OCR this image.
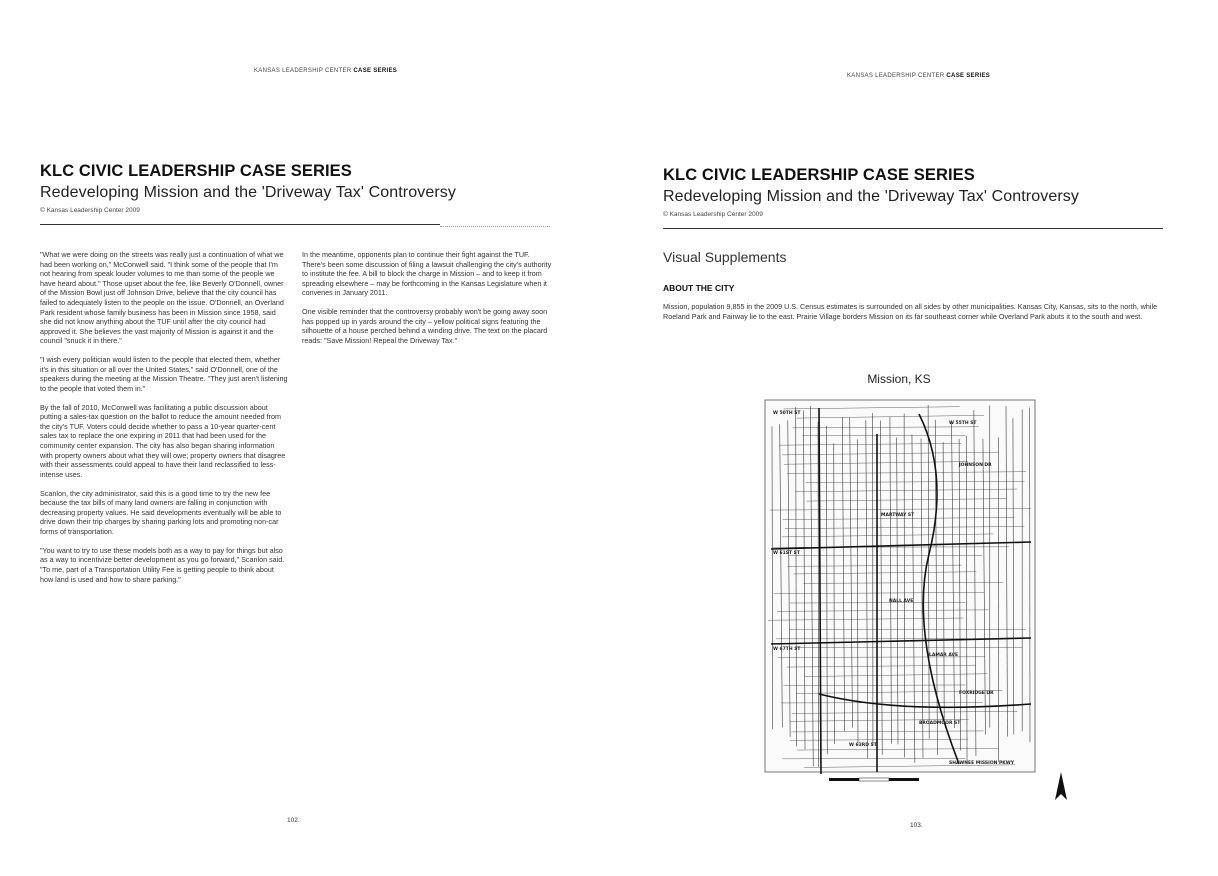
KANSAS LEADERSHIP CENTER CASE SERIES
KLC CIVIC LEADERSHIP CASE SERIES
Redeveloping Mission and the 'Driveway Tax' Controversy
© Kansas Leadership Center 2009

"What we were doing on the streets was really just a continuation of what we had been working on," McConwell said. "I think some of the people that I'm not hearing from speak louder volumes to me than some of the people we have heard about." Those upset about the fee, like Beverly O'Donnell, owner of the Mission Bowl just off Johnson Drive, believe that the city council has failed to adequately listen to the people on the issue. O'Donnell, an Overland Park resident whose family business has been in Mission since 1958, said she did not know anything about the TUF until after the city council had approved it. She believes the vast majority of Mission is against it and the council "snuck it in there."

"I wish every politician would listen to the people that elected them, whether it's in this situation or all over the United States," said O'Donnell, one of the speakers during the meeting at the Mission Theatre. "They just aren't listening to the people that voted them in."

By the fall of 2010, McConwell was facilitating a public discussion about putting a sales-tax question on the ballot to reduce the amount needed from the city's TUF. Voters could decide whether to pass a 10-year quarter-cent sales tax to replace the one expiring in 2011 that had been used for the community center expansion. The city has also began sharing information with property owners about what they will owe; property owners that disagree with their assessments could appeal to have their land reclassified to less-intense uses.

Scanlon, the city administrator, said this is a good time to try the new fee because the tax bills of many land owners are falling in conjunction with decreasing property values. He said developments eventually will be able to drive down their trip charges by sharing parking lots and promoting non-car forms of transportation.

"You want to try to use these models both as a way to pay for things but also as a way to incentivize better development as you go forward," Scanlon said. "To me, part of a Transportation Utility Fee is getting people to think about how land is used and how to share parking."

In the meantime, opponents plan to continue their fight against the TUF. There's been some discussion of filing a lawsuit challenging the city's authority to institute the fee. A bill to block the charge in Mission – and to keep it from spreading elsewhere – may be forthcoming in the Kansas Legislature when it convenes in January 2011.

One visible reminder that the controversy probably won't be going away soon has popped up in yards around the city – yellow political signs featuring the silhouette of a house perched behind a winding drive. The text on the placard reads: "Save Mission! Repeal the Driveway Tax."

102.
KANSAS LEADERSHIP CENTER CASE SERIES
KLC CIVIC LEADERSHIP CASE SERIES
Redeveloping Mission and the 'Driveway Tax' Controversy
© Kansas Leadership Center 2009
Visual Supplements
ABOUT THE CITY
Mission, population 9,855 in the 2009 U.S. Census estimates is surrounded on all sides by other municipalities. Kansas City, Kansas, sits to the north, while Roeland Park and Fairway lie to the east. Prairie Village borders Mission on its far southeast corner while Overland Park abuts it to the south and west.
Mission, KS
W 50TH ST
W 55TH ST
JOHNSON DR
W 61ST ST
MARTWAY ST
W 67TH ST
NALL AVE
LAMAR AVE
FOXRIDGE DR
BROADMOOR ST
W 63RD ST
SHAWNEE MISSION PKWY
103.
